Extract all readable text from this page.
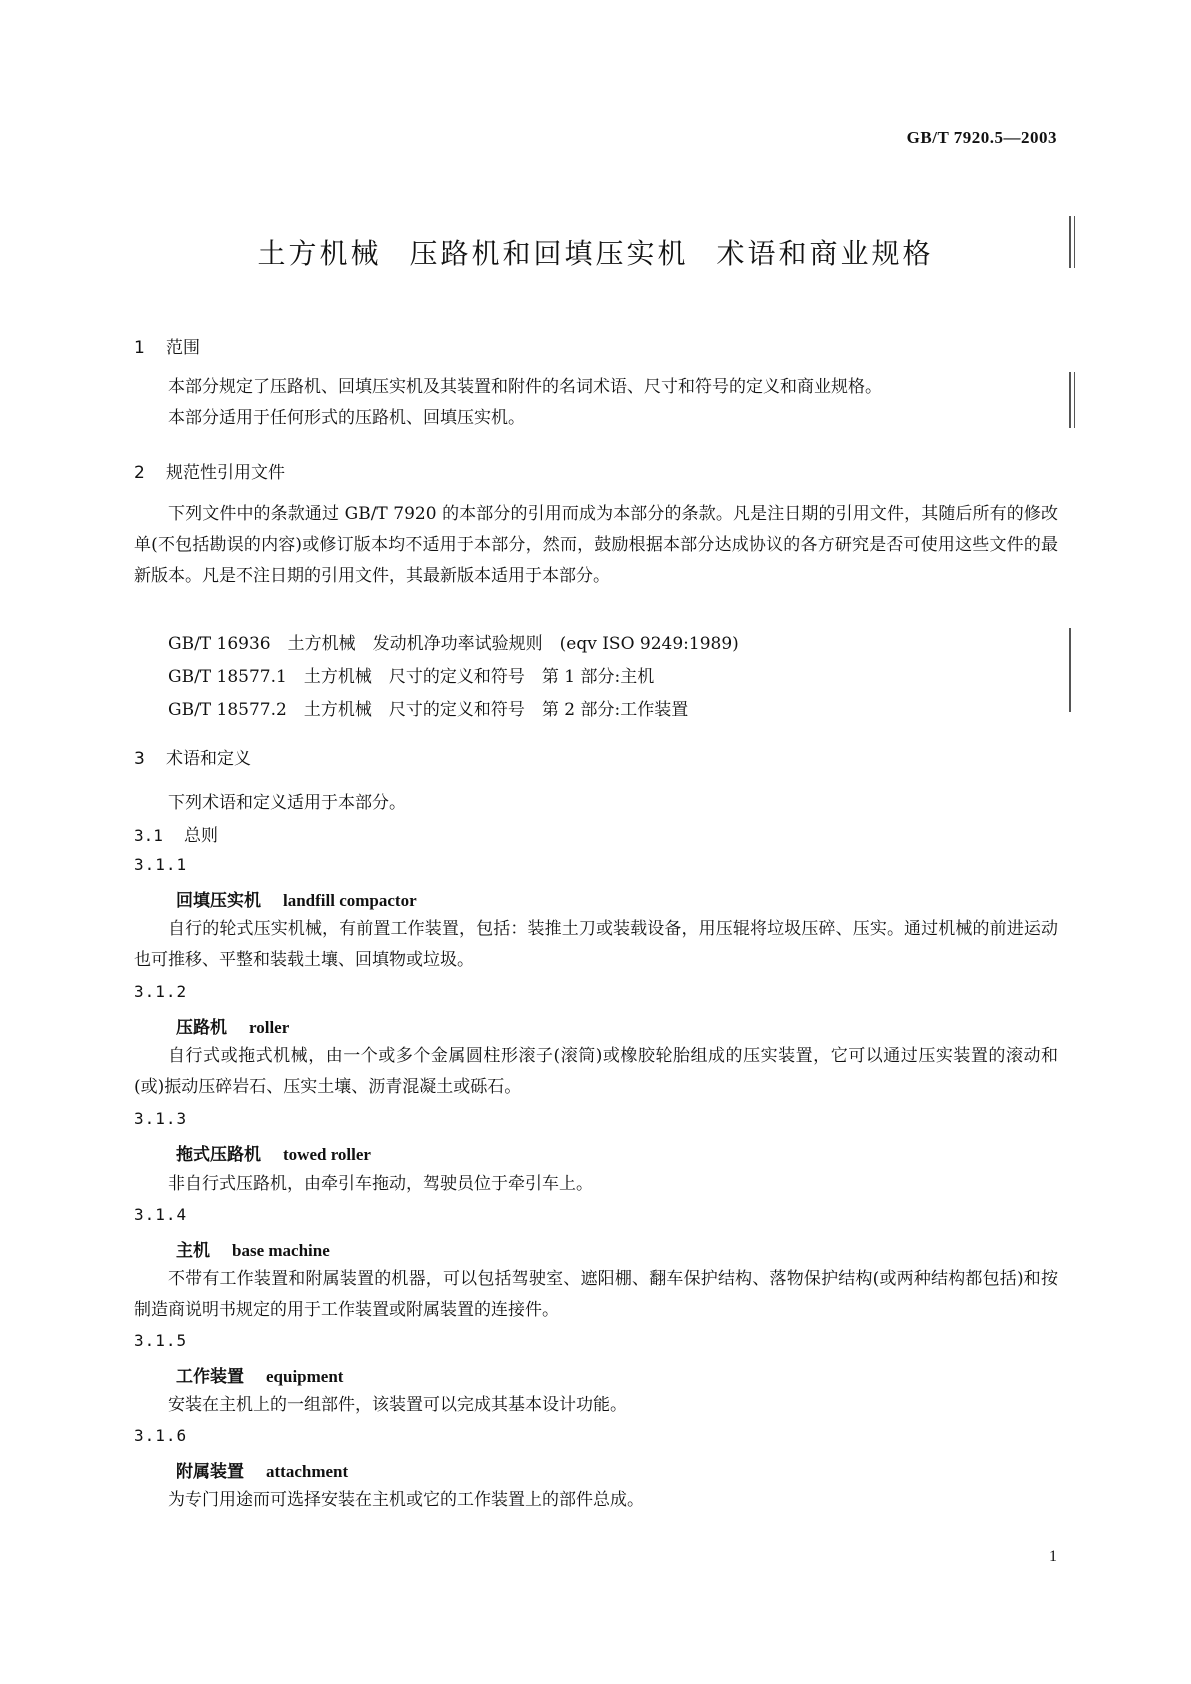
GB/T 7920.5—2003
土方机械 压路机和回填压实机 术语和商业规格
1 范围
本部分规定了压路机、回填压实机及其装置和附件的名词术语、尺寸和符号的定义和商业规格。
本部分适用于任何形式的压路机、回填压实机。
2 规范性引用文件
下列文件中的条款通过 GB/T 7920 的本部分的引用而成为本部分的条款。凡是注日期的引用文件，其随后所有的修改单(不包括勘误的内容)或修订版本均不适用于本部分，然而，鼓励根据本部分达成协议的各方研究是否可使用这些文件的最新版本。凡是不注日期的引用文件，其最新版本适用于本部分。
GB/T 16936　土方机械　发动机净功率试验规则　(eqv ISO 9249:1989)
GB/T 18577.1　土方机械　尺寸的定义和符号　第 1 部分:主机
GB/T 18577.2　土方机械　尺寸的定义和符号　第 2 部分:工作装置
3 术语和定义
下列术语和定义适用于本部分。
3.1 总则
3.1.1
回填压实机 landfill compactor
自行的轮式压实机械，有前置工作装置，包括：装推土刀或装载设备，用压辊将垃圾压碎、压实。通过机械的前进运动也可推移、平整和装载土壤、回填物或垃圾。
3.1.2
压路机 roller
自行式或拖式机械，由一个或多个金属圆柱形滚子(滚筒)或橡胶轮胎组成的压实装置，它可以通过压实装置的滚动和(或)振动压碎岩石、压实土壤、沥青混凝土或砾石。
3.1.3
拖式压路机 towed roller
非自行式压路机，由牵引车拖动，驾驶员位于牵引车上。
3.1.4
主机 base machine
不带有工作装置和附属装置的机器，可以包括驾驶室、遮阳棚、翻车保护结构、落物保护结构(或两种结构都包括)和按制造商说明书规定的用于工作装置或附属装置的连接件。
3.1.5
工作装置 equipment
安装在主机上的一组部件，该装置可以完成其基本设计功能。
3.1.6
附属装置 attachment
为专门用途而可选择安装在主机或它的工作装置上的部件总成。
1
